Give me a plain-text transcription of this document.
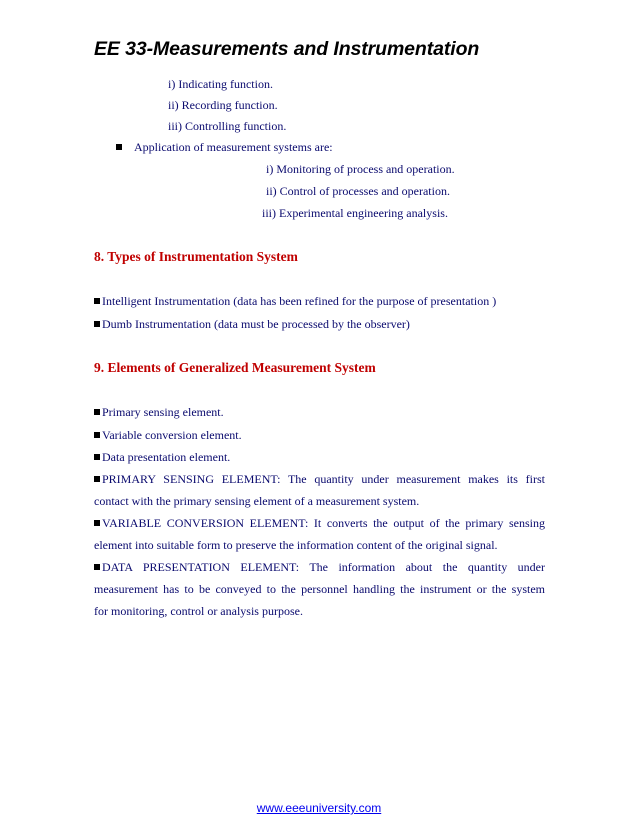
EE 33-Measurements and Instrumentation
i) Indicating function.
ii) Recording function.
iii) Controlling function.
Application of measurement systems are:
i) Monitoring of process and operation.
ii) Control of processes and operation.
iii) Experimental engineering analysis.
8. Types of Instrumentation System
Intelligent Instrumentation (data has been refined for the purpose of presentation )
Dumb Instrumentation (data must be processed by the observer)
9. Elements of Generalized Measurement System
Primary sensing element.
Variable conversion element.
Data presentation element.
PRIMARY SENSING ELEMENT: The quantity under measurement makes its first
contact with the primary sensing element of a measurement system.
VARIABLE CONVERSION ELEMENT: It converts the output of the primary sensing
element into suitable form to preserve the information content of the original signal.
DATA PRESENTATION ELEMENT: The information about the quantity under
measurement has to be conveyed to the personnel handling the instrument or the system
for monitoring, control or analysis purpose.
www.eeeuniversity.com
